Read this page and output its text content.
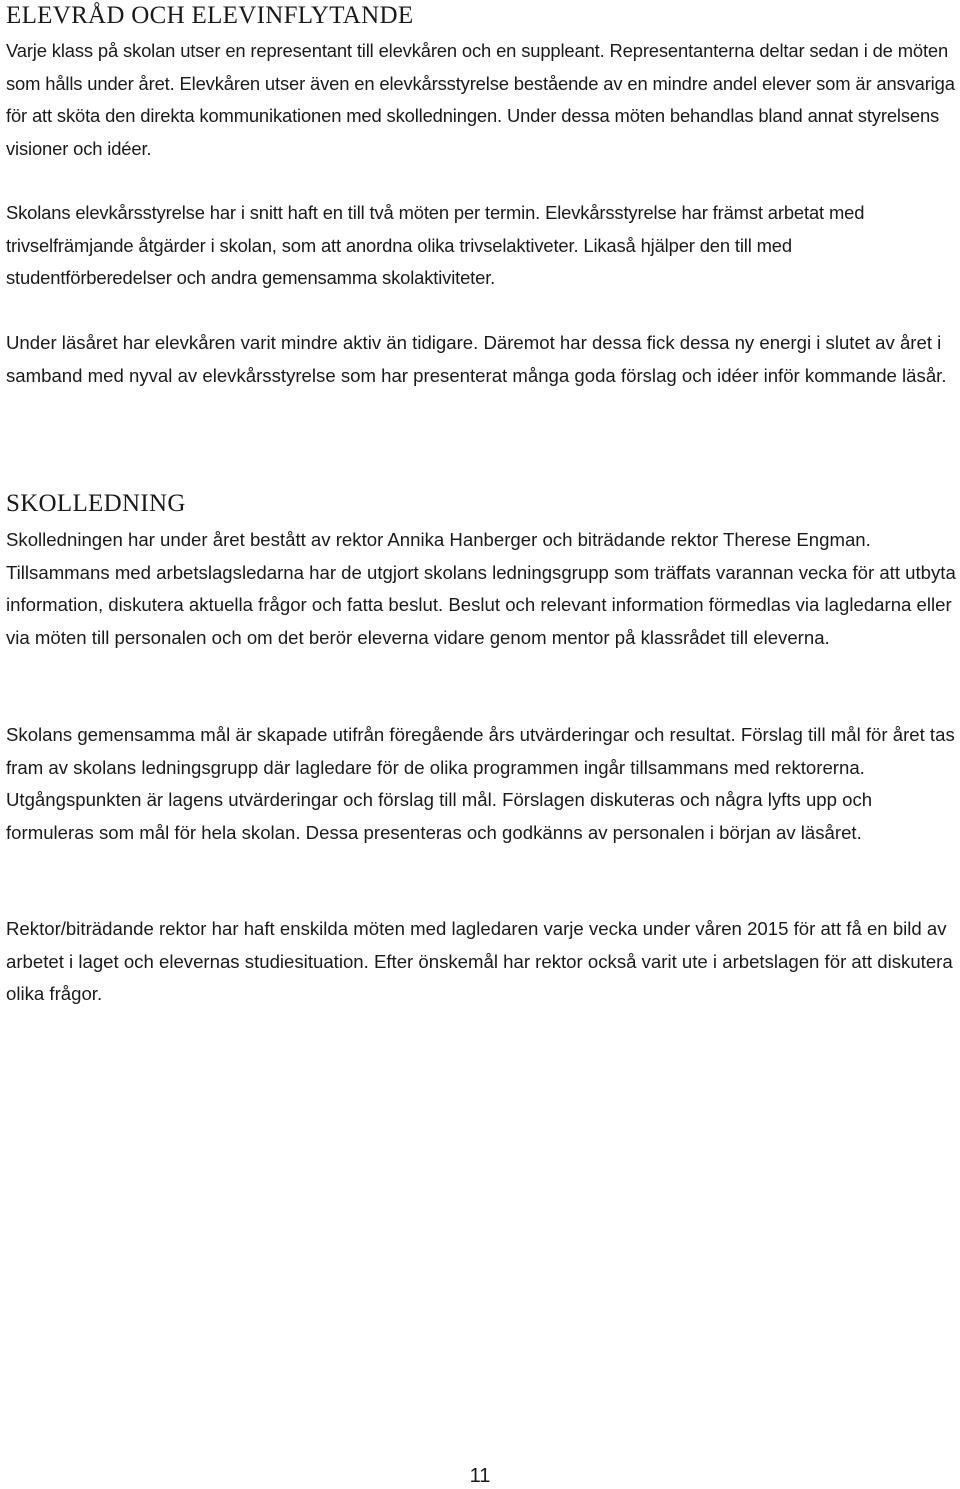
ELEVRÅD OCH ELEVINFLYTANDE

Varje klass på skolan utser en representant till elevkåren och en suppleant. Representanterna deltar sedan i de möten som hålls under året. Elevkåren utser även en elevkårsstyrelse bestående av en mindre andel elever som är ansvariga för att sköta den direkta kommunikationen med skolledningen. Under dessa möten behandlas bland annat styrelsens visioner och idéer.

Skolans elevkårsstyrelse har i snitt haft en till två möten per termin. Elevkårsstyrelse har främst arbetat med trivselfrämjande åtgärder i skolan, som att anordna olika trivselaktiveter. Likaså hjälper den till med studentförberedelser och andra gemensamma skolaktiviteter.

Under läsåret har elevkåren varit mindre aktiv än tidigare. Däremot har dessa fick dessa ny energi i slutet av året i samband med nyval av elevkårsstyrelse som har presenterat många goda förslag och idéer inför kommande läsår.

SKOLLEDNING

Skolledningen har under året bestått av rektor Annika Hanberger och biträdande rektor Therese Engman. Tillsammans med arbetslagsledarna har de utgjort skolans ledningsgrupp som träffats varannan vecka för att utbyta information, diskutera aktuella frågor och fatta beslut. Beslut och relevant information förmedlas via lagledarna eller via möten till personalen och om det berör eleverna vidare genom mentor på klassrådet till eleverna.

Skolans gemensamma mål är skapade utifrån föregående års utvärderingar och resultat. Förslag till mål för året tas fram av skolans ledningsgrupp där lagledare för de olika programmen ingår tillsammans med rektorerna. Utgångspunkten är lagens utvärderingar och förslag till mål. Förslagen diskuteras och några lyfts upp och formuleras som mål för hela skolan. Dessa presenteras och godkänns av personalen i början av läsåret.

Rektor/biträdande rektor har haft enskilda möten med lagledaren varje vecka under våren 2015 för att få en bild av arbetet i laget och elevernas studiesituation. Efter önskemål har rektor också varit ute i arbetslagen för att diskutera olika frågor.

11
